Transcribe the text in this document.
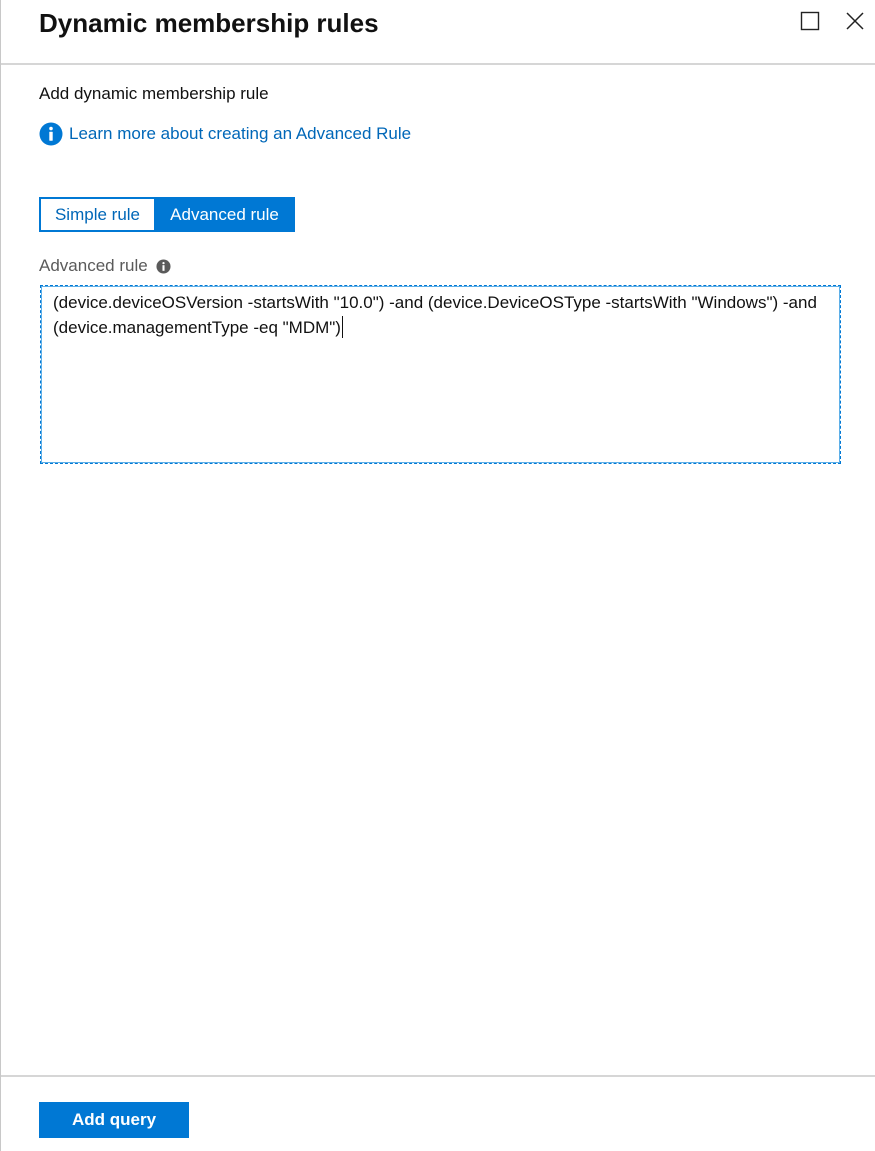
Dynamic membership rules
Add dynamic membership rule
Learn more about creating an Advanced Rule
Simple rule	Advanced rule
Advanced rule
(device.deviceOSVersion -startsWith "10.0") -and (device.DeviceOSType -startsWith "Windows") -and (device.managementType -eq "MDM")
Add query
